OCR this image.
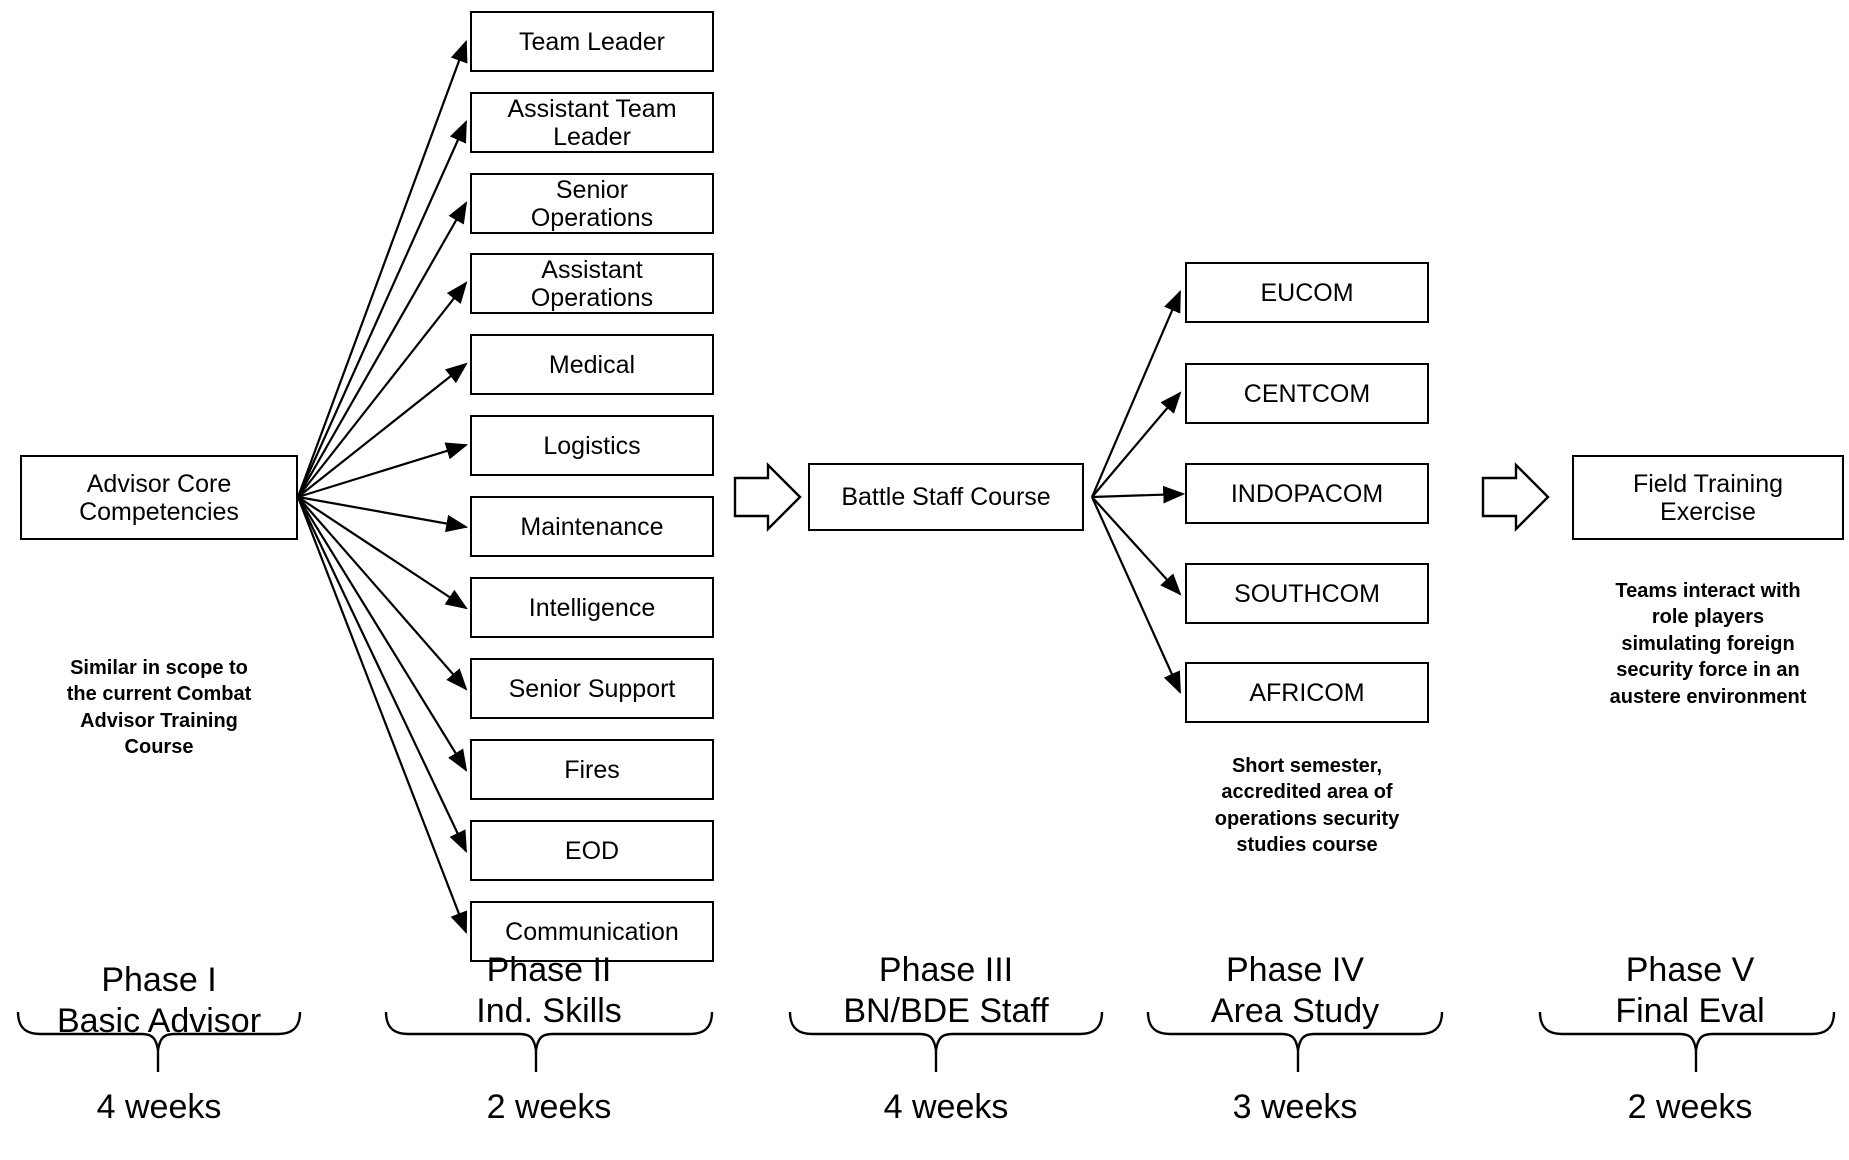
Advisor Core
Competencies
Similar in scope to
the current Combat
Advisor Training
Course
Phase I
Basic Advisor
4 weeks
Team Leader
Assistant Team
Leader
Senior
Operations
Assistant
Operations
Medical
Logistics
Maintenance
Intelligence
Senior Support
Fires
EOD
Communication
Phase II
Ind. Skills
2 weeks
Battle Staff Course
Phase III
BN/BDE Staff
4 weeks
EUCOM
CENTCOM
INDOPACOM
SOUTHCOM
AFRICOM
Short semester,
accredited area of
operations security
studies course
Phase IV
Area Study
3 weeks
Field Training
Exercise
Teams interact with
role players
simulating foreign
security force in an
austere environment
Phase V
Final Eval
2 weeks
